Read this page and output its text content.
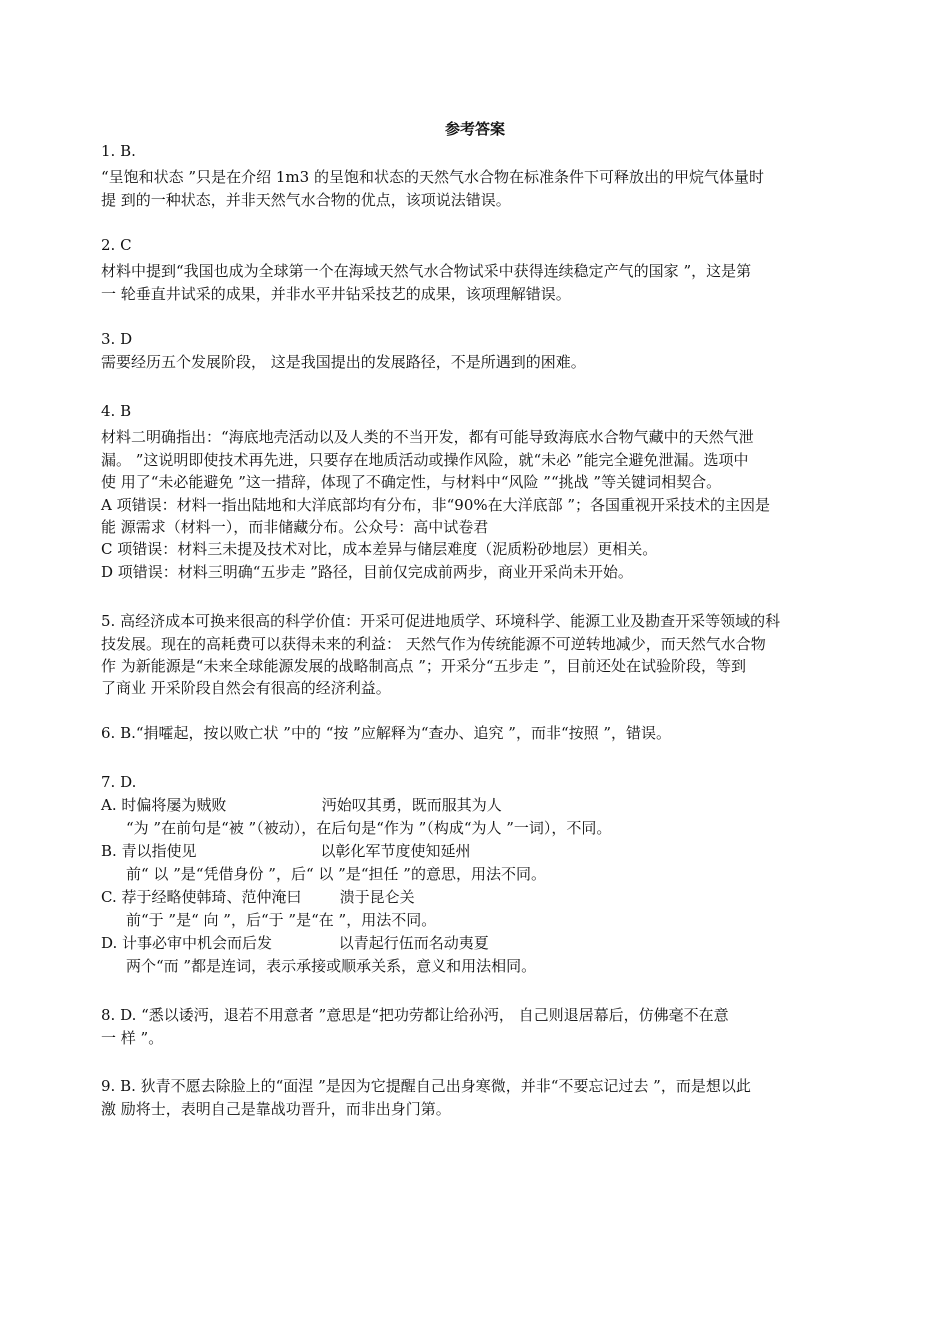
参考答案
1. B.
“呈饱和状态 ”只是在介绍 1m3 的呈饱和状态的天然气水合物在标准条件下可释放出的甲烷气体量时
提 到的一种状态，并非天然气水合物的优点，该项说法错误。
2. C
材料中提到“我国也成为全球第一个在海域天然气水合物试采中获得连续稳定产气的国家 ”，这是第
一 轮垂直井试采的成果，并非水平井钻采技艺的成果，该项理解错误。
3. D
需要经历五个发展阶段， 这是我国提出的发展路径，不是所遇到的困难。
4. B
材料二明确指出：“海底地壳活动以及人类的不当开发，都有可能导致海底水合物气藏中的天然气泄
漏。 ”这说明即使技术再先进，只要存在地质活动或操作风险，就“未必 ”能完全避免泄漏。选项中
使 用了“未必能避免 ”这一措辞，体现了不确定性，与材料中“风险 ”“挑战 ”等关键词相契合。
A 项错误：材料一指出陆地和大洋底部均有分布，非“90%在大洋底部 ”；各国重视开采技术的主因是
能 源需求（材料一），而非储藏分布。公众号：高中试卷君
C 项错误：材料三未提及技术对比，成本差异与储层难度（泥质粉砂地层）更相关。
D 项错误：材料三明确“五步走 ”路径，目前仅完成前两步，商业开采尚未开始。
5. 高经济成本可换来很高的科学价值：开采可促进地质学、环境科学、能源工业及勘查开采等领域的科
技发展。现在的高耗费可以获得未来的利益： 天然气作为传统能源不可逆转地减少，而天然气水合物
作 为新能源是“未来全球能源发展的战略制高点 ”；开采分“五步走 ”，目前还处在试验阶段，等到
了商业 开采阶段自然会有很高的经济利益。
6. B.“捐嚯起，按以败亡状 ”中的 “按 ”应解释为“查办、追究 ”，而非“按照 ”，错误。
7. D.
A. 时偏将屡为贼败                    沔始叹其勇，既而服其为人
“为 ”在前句是“被 ”（被动），在后句是“作为 ”（构成“为人 ”一词），不同。
B. 青以指使见                          以彰化军节度使知延州
前“ 以 ”是“凭借身份 ”，后“ 以 ”是“担任 ”的意思，用法不同。
C. 荐于经略使韩琦、范仲淹曰        溃于昆仑关
前“于 ”是“ 向 ”，后“于 ”是“在 ”，用法不同。
D. 计事必审中机会而后发              以青起行伍而名动夷夏
两个“而 ”都是连词，表示承接或顺承关系，意义和用法相同。
8. D. “悉以诿沔，退若不用意者 ”意思是“把功劳都让给孙沔， 自己则退居幕后，仿佛毫不在意
一 样 ”。
9. B. 狄青不愿去除脸上的“面涅 ”是因为它提醒自己出身寒微，并非“不要忘记过去 ”，而是想以此
激 励将士，表明自己是靠战功晋升，而非出身门第。
